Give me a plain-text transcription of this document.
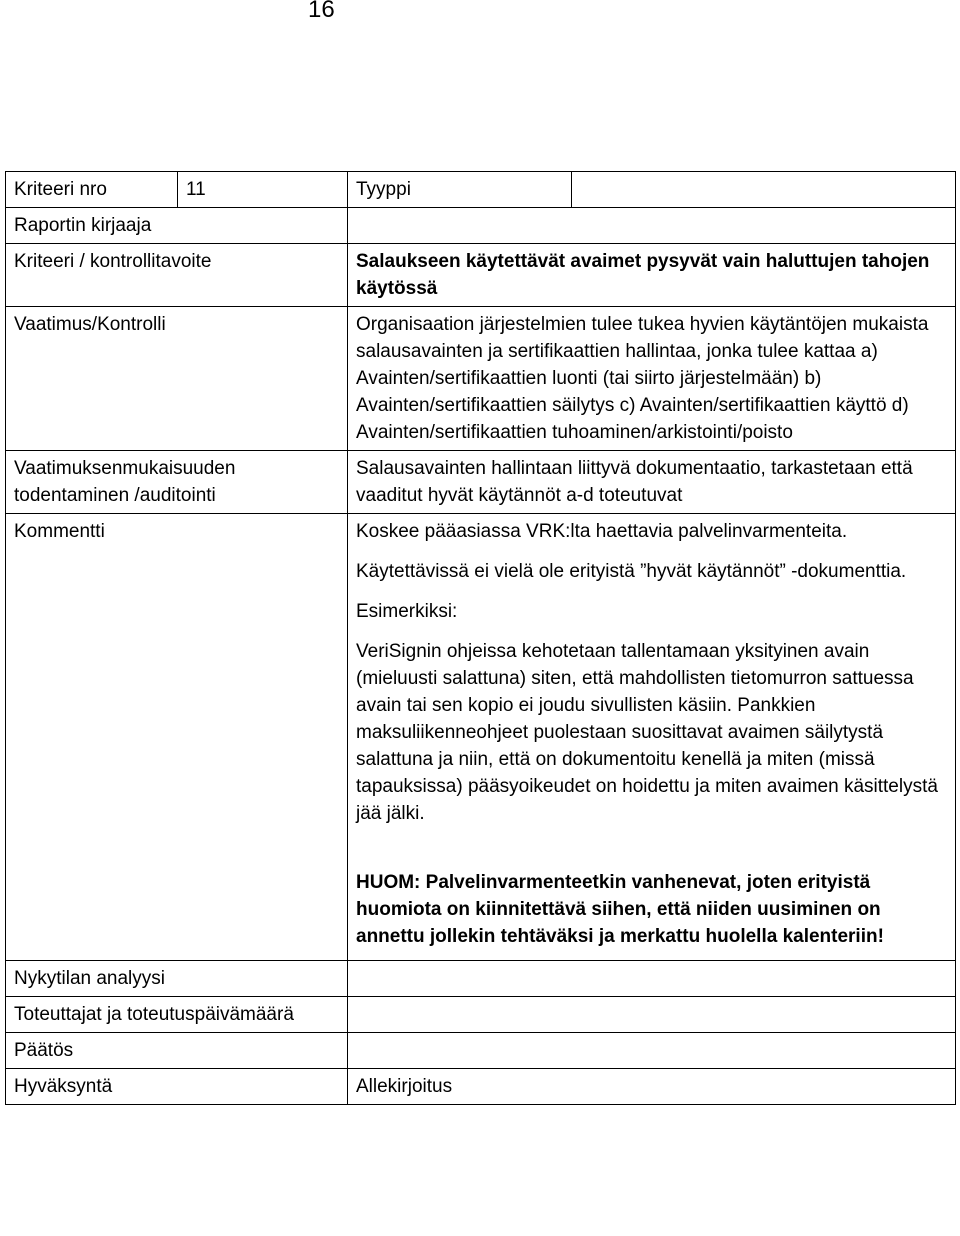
16
Kriteeri nro	11	Tyyppi	
Raportin kirjaaja			
Kriteeri / kontrollitavoite		Salaukseen käytettävät avaimet pysyvät vain haluttujen tahojen käytössä	
Vaatimus/Kontrolli		Organisaation järjestelmien tulee tukea hyvien käytäntöjen mukaista salausavainten ja sertifikaattien hallintaa, jonka tulee kattaa a) Avainten/sertifikaattien luonti (tai siirto järjestelmään) b) Avainten/sertifikaattien säilytys c) Avainten/sertifikaattien käyttö d) Avainten/sertifikaattien tuhoaminen/arkistointi/poisto	
Vaatimuksenmukaisuuden todentaminen /auditointi		Salausavainten hallintaan liittyvä dokumentaatio, tarkastetaan että vaaditut hyvät käytännöt a-d toteutuvat	
Kommentti		Koskee pääasiassa VRK:lta haettavia palvelinvarmenteita.

Käytettävissä ei vielä ole erityistä ”hyvät käytännöt” -dokumenttia.

Esimerkiksi:

VeriSignin ohjeissa kehotetaan tallentamaan yksityinen avain (mieluusti salattuna) siten, että mahdollisten tietomurron sattuessa avain tai sen kopio ei joudu sivullisten käsiin. Pankkien maksuliikenneohjeet puolestaan suosittavat avaimen säilytystä salattuna ja niin, että on dokumentoitu kenellä ja miten (missä tapauksissa) pääsyoikeudet on hoidettu ja miten avaimen käsittelystä jää jälki.

HUOM: Palvelinvarmenteetkin vanhenevat, joten erityistä huomiota on kiinnitettävä siihen, että niiden uusiminen on annettu jollekin tehtäväksi ja merkattu huolella kalenteriin!	

Nykytilan analyysi			
Toteuttajat ja toteutuspäivämäärä			
Päätös			
Hyväksyntä		Allekirjoitus	
